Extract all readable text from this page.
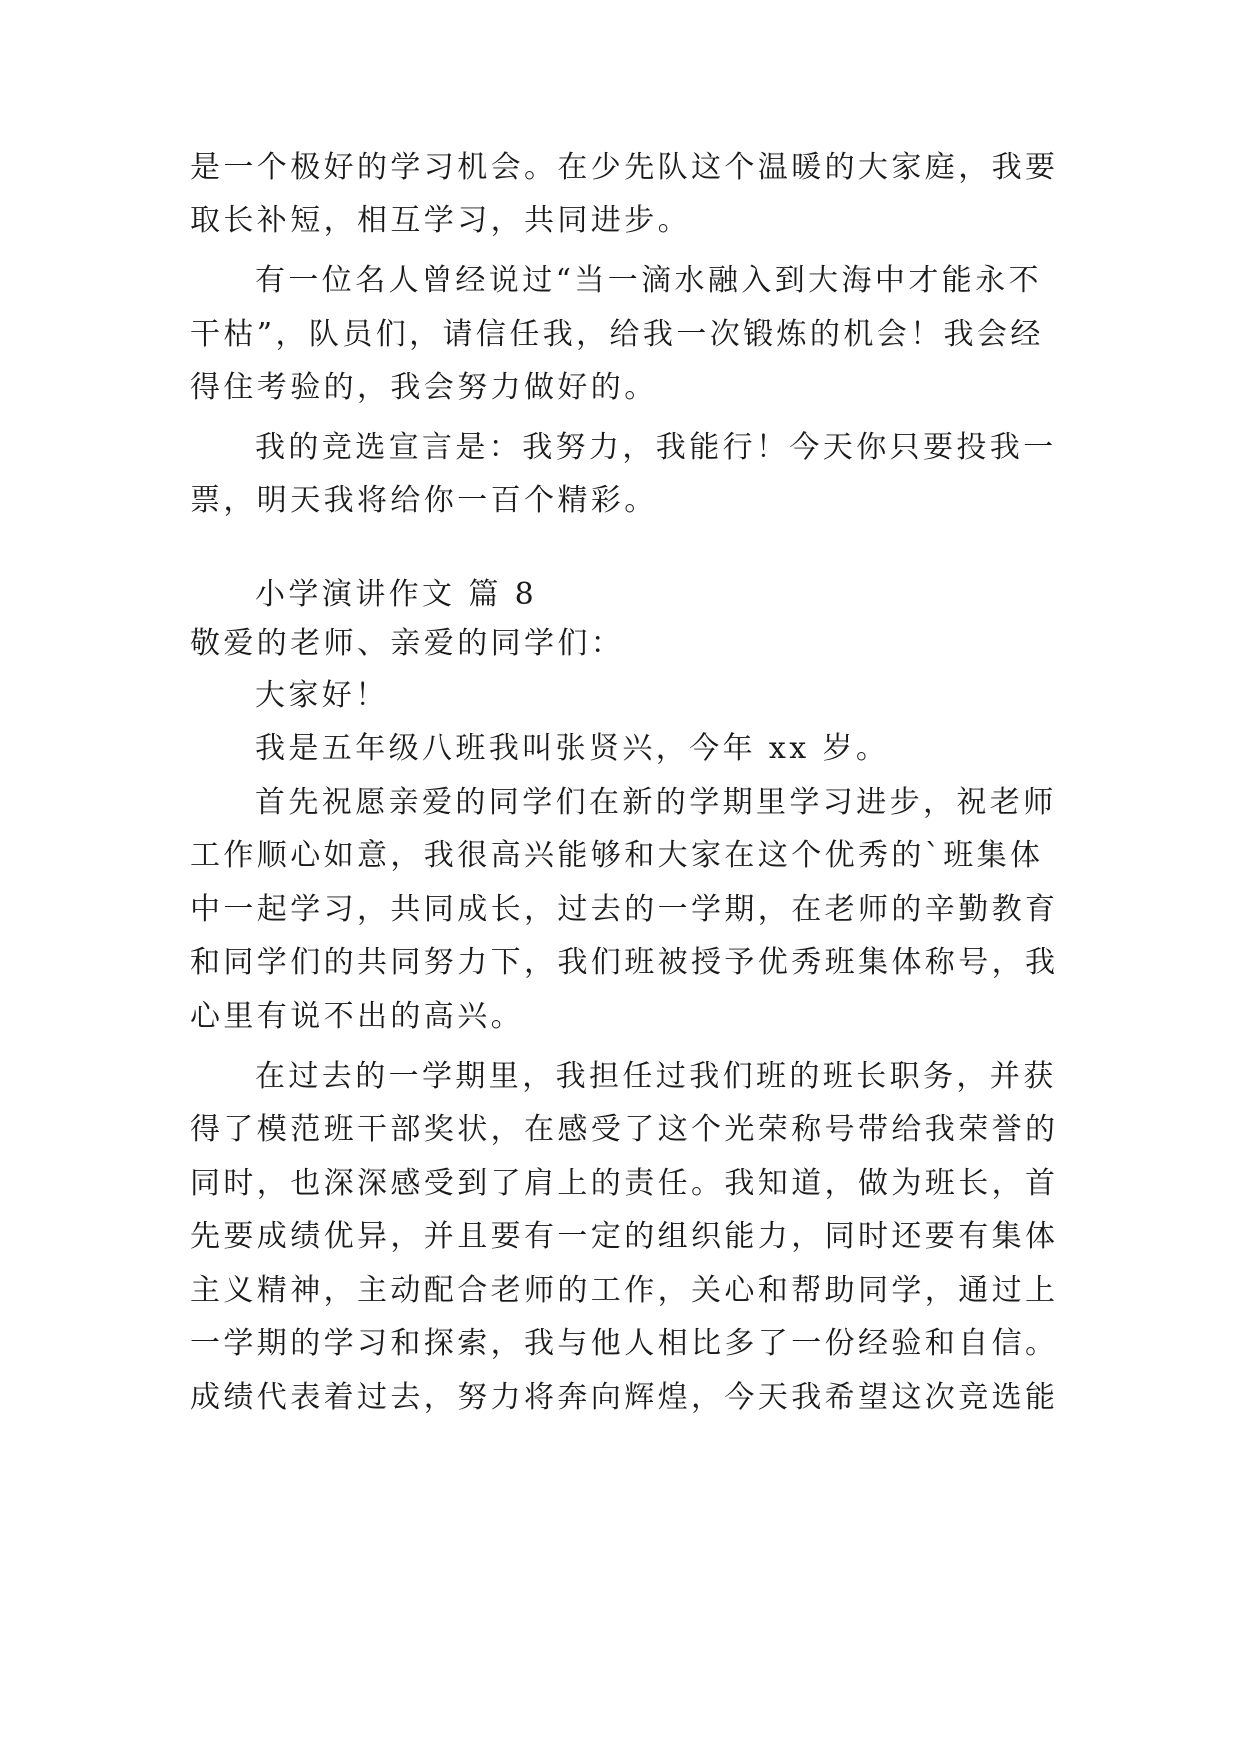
是一个极好的学习机会。在少先队这个温暖的大家庭，我要
取长补短，相互学习，共同进步。
有一位名人曾经说过“当一滴水融入到大海中才能永不
干枯”，队员们，请信任我，给我一次锻炼的机会！我会经
得住考验的，我会努力做好的。
我的竞选宣言是：我努力，我能行！今天你只要投我一
票，明天我将给你一百个精彩。
小学演讲作文 篇 8
敬爱的老师、亲爱的同学们：
大家好！
我是五年级八班我叫张贤兴，今年 xx 岁。
首先祝愿亲爱的同学们在新的学期里学习进步，祝老师
工作顺心如意，我很高兴能够和大家在这个优秀的`班集体
中一起学习，共同成长，过去的一学期，在老师的辛勤教育
和同学们的共同努力下，我们班被授予优秀班集体称号，我
心里有说不出的高兴。
在过去的一学期里，我担任过我们班的班长职务，并获
得了模范班干部奖状，在感受了这个光荣称号带给我荣誉的
同时，也深深感受到了肩上的责任。我知道，做为班长，首
先要成绩优异，并且要有一定的组织能力，同时还要有集体
主义精神，主动配合老师的工作，关心和帮助同学，通过上
一学期的学习和探索，我与他人相比多了一份经验和自信。
成绩代表着过去，努力将奔向辉煌，今天我希望这次竞选能
